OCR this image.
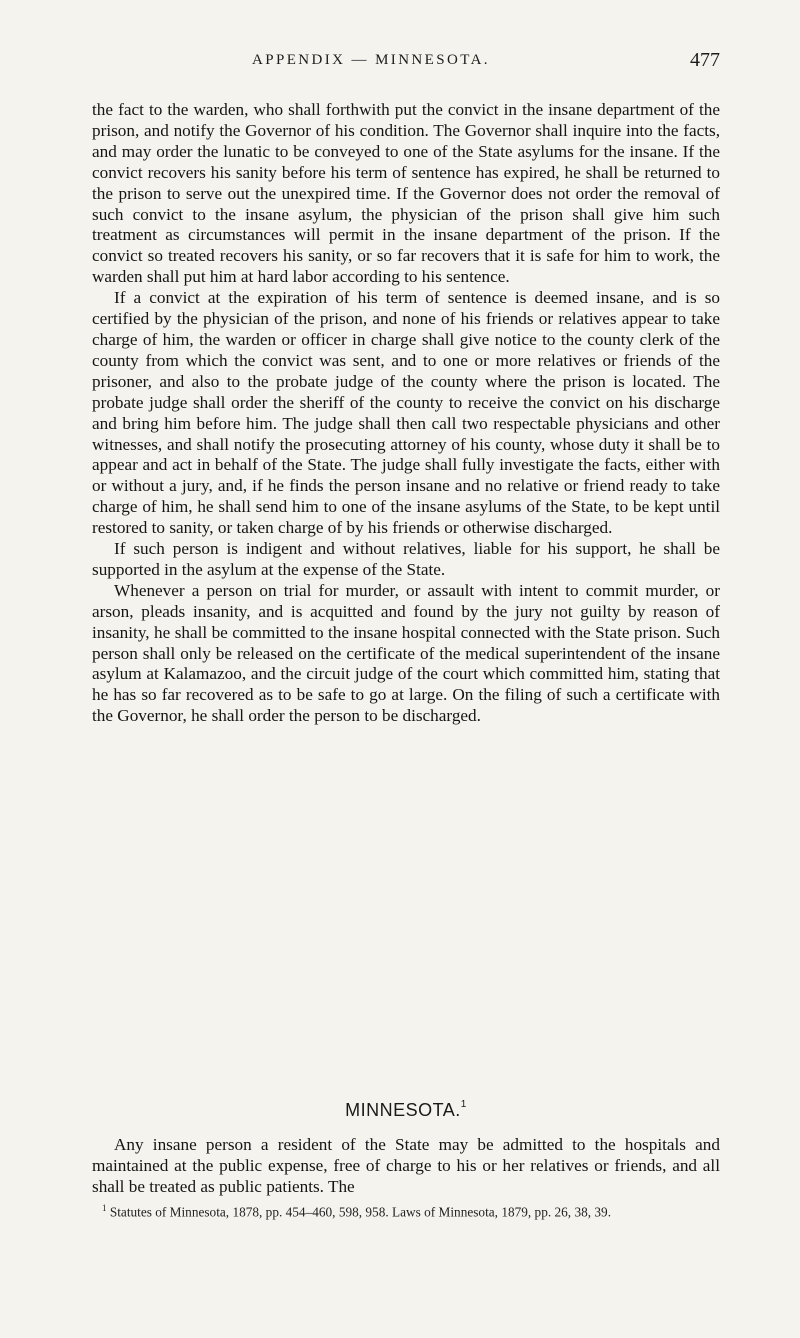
APPENDIX — MINNESOTA.	477

the fact to the warden, who shall forthwith put the convict in the insane department of the prison, and notify the Governor of his condition. The Governor shall inquire into the facts, and may order the lunatic to be conveyed to one of the State asylums for the insane. If the convict recovers his sanity before his term of sentence has expired, he shall be returned to the prison to serve out the unexpired time. If the Governor does not order the removal of such convict to the insane asylum, the physician of the prison shall give him such treatment as circumstances will permit in the insane department of the prison. If the convict so treated recovers his sanity, or so far recovers that it is safe for him to work, the warden shall put him at hard labor according to his sentence.

If a convict at the expiration of his term of sentence is deemed insane, and is so certified by the physician of the prison, and none of his friends or relatives appear to take charge of him, the warden or officer in charge shall give notice to the county clerk of the county from which the convict was sent, and to one or more relatives or friends of the prisoner, and also to the probate judge of the county where the prison is located. The probate judge shall order the sheriff of the county to receive the convict on his discharge and bring him before him. The judge shall then call two respectable physicians and other witnesses, and shall notify the prosecuting attorney of his county, whose duty it shall be to appear and act in behalf of the State. The judge shall fully investigate the facts, either with or without a jury, and, if he finds the person insane and no relative or friend ready to take charge of him, he shall send him to one of the insane asylums of the State, to be kept until restored to sanity, or taken charge of by his friends or otherwise discharged.

If such person is indigent and without relatives, liable for his support, he shall be supported in the asylum at the expense of the State.

Whenever a person on trial for murder, or assault with intent to commit murder, or arson, pleads insanity, and is acquitted and found by the jury not guilty by reason of insanity, he shall be committed to the insane hospital connected with the State prison. Such person shall only be released on the certificate of the medical superintendent of the insane asylum at Kalamazoo, and the circuit judge of the court which committed him, stating that he has so far recovered as to be safe to go at large. On the filing of such a certificate with the Governor, he shall order the person to be discharged.

MINNESOTA.$^1$

Any insane person a resident of the State may be admitted to the hospitals and maintained at the public expense, free of charge to his or her relatives or friends, and all shall be treated as public patients. The

$^1$ Statutes of Minnesota, 1878, pp. 454–460, 598, 958. Laws of Minnesota, 1879, pp. 26, 38, 39.
